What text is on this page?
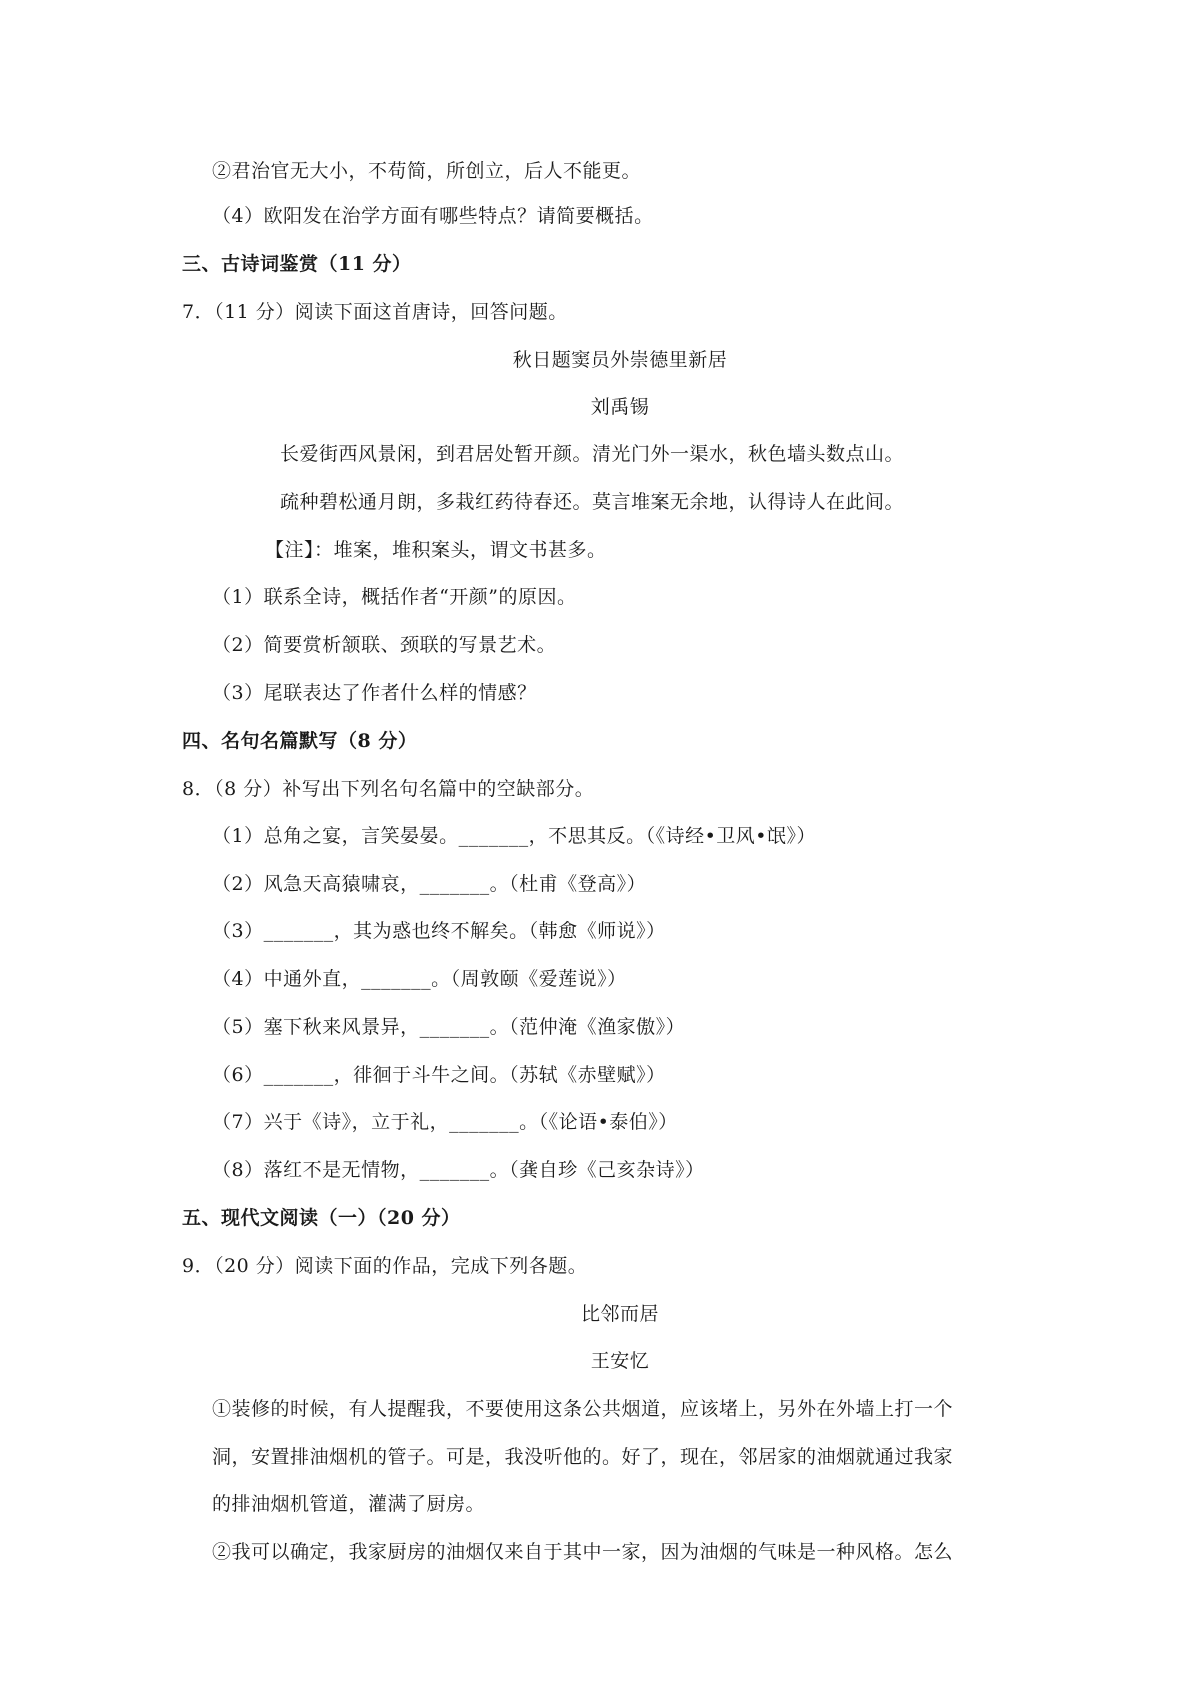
②君治官无大小，不苟简，所创立，后人不能更。
（4）欧阳发在治学方面有哪些特点？请简要概括。
三、古诗词鉴赏（11 分）
7．（11 分）阅读下面这首唐诗，回答问题。
秋日题窦员外崇德里新居
刘禹锡
长爱街西风景闲，到君居处暂开颜。清光门外一渠水，秋色墙头数点山。
疏种碧松通月朗，多栽红药待春还。莫言堆案无余地，认得诗人在此间。
【注】：堆案，堆积案头，谓文书甚多。
（1）联系全诗，概括作者“开颜”的原因。
（2）简要赏析颔联、颈联的写景艺术。
（3）尾联表达了作者什么样的情感？
四、名句名篇默写（8 分）
8．（8 分）补写出下列名句名篇中的空缺部分。
（1）总角之宴，言笑晏晏。_______，不思其反。（《诗经•卫风•氓》）
（2）风急天高猿啸哀，_______。（杜甫《登高》）
（3）_______，其为惑也终不解矣。（韩愈《师说》）
（4）中通外直，_______。（周敦颐《爱莲说》）
（5）塞下秋来风景异，_______。（范仲淹《渔家傲》）
（6）_______，徘徊于斗牛之间。（苏轼《赤壁赋》）
（7）兴于《诗》，立于礼，_______。（《论语•泰伯》）
（8）落红不是无情物，_______。（龚自珍《己亥杂诗》）
五、现代文阅读（一）（20 分）
9．（20 分）阅读下面的作品，完成下列各题。
比邻而居
王安忆
①装修的时候，有人提醒我，不要使用这条公共烟道，应该堵上，另外在外墙上打一个
洞，安置排油烟机的管子。可是，我没听他的。好了，现在，邻居家的油烟就通过我家
的排油烟机管道，灌满了厨房。
②我可以确定，我家厨房的油烟仅来自于其中一家，因为油烟的气味是一种风格。怎么
